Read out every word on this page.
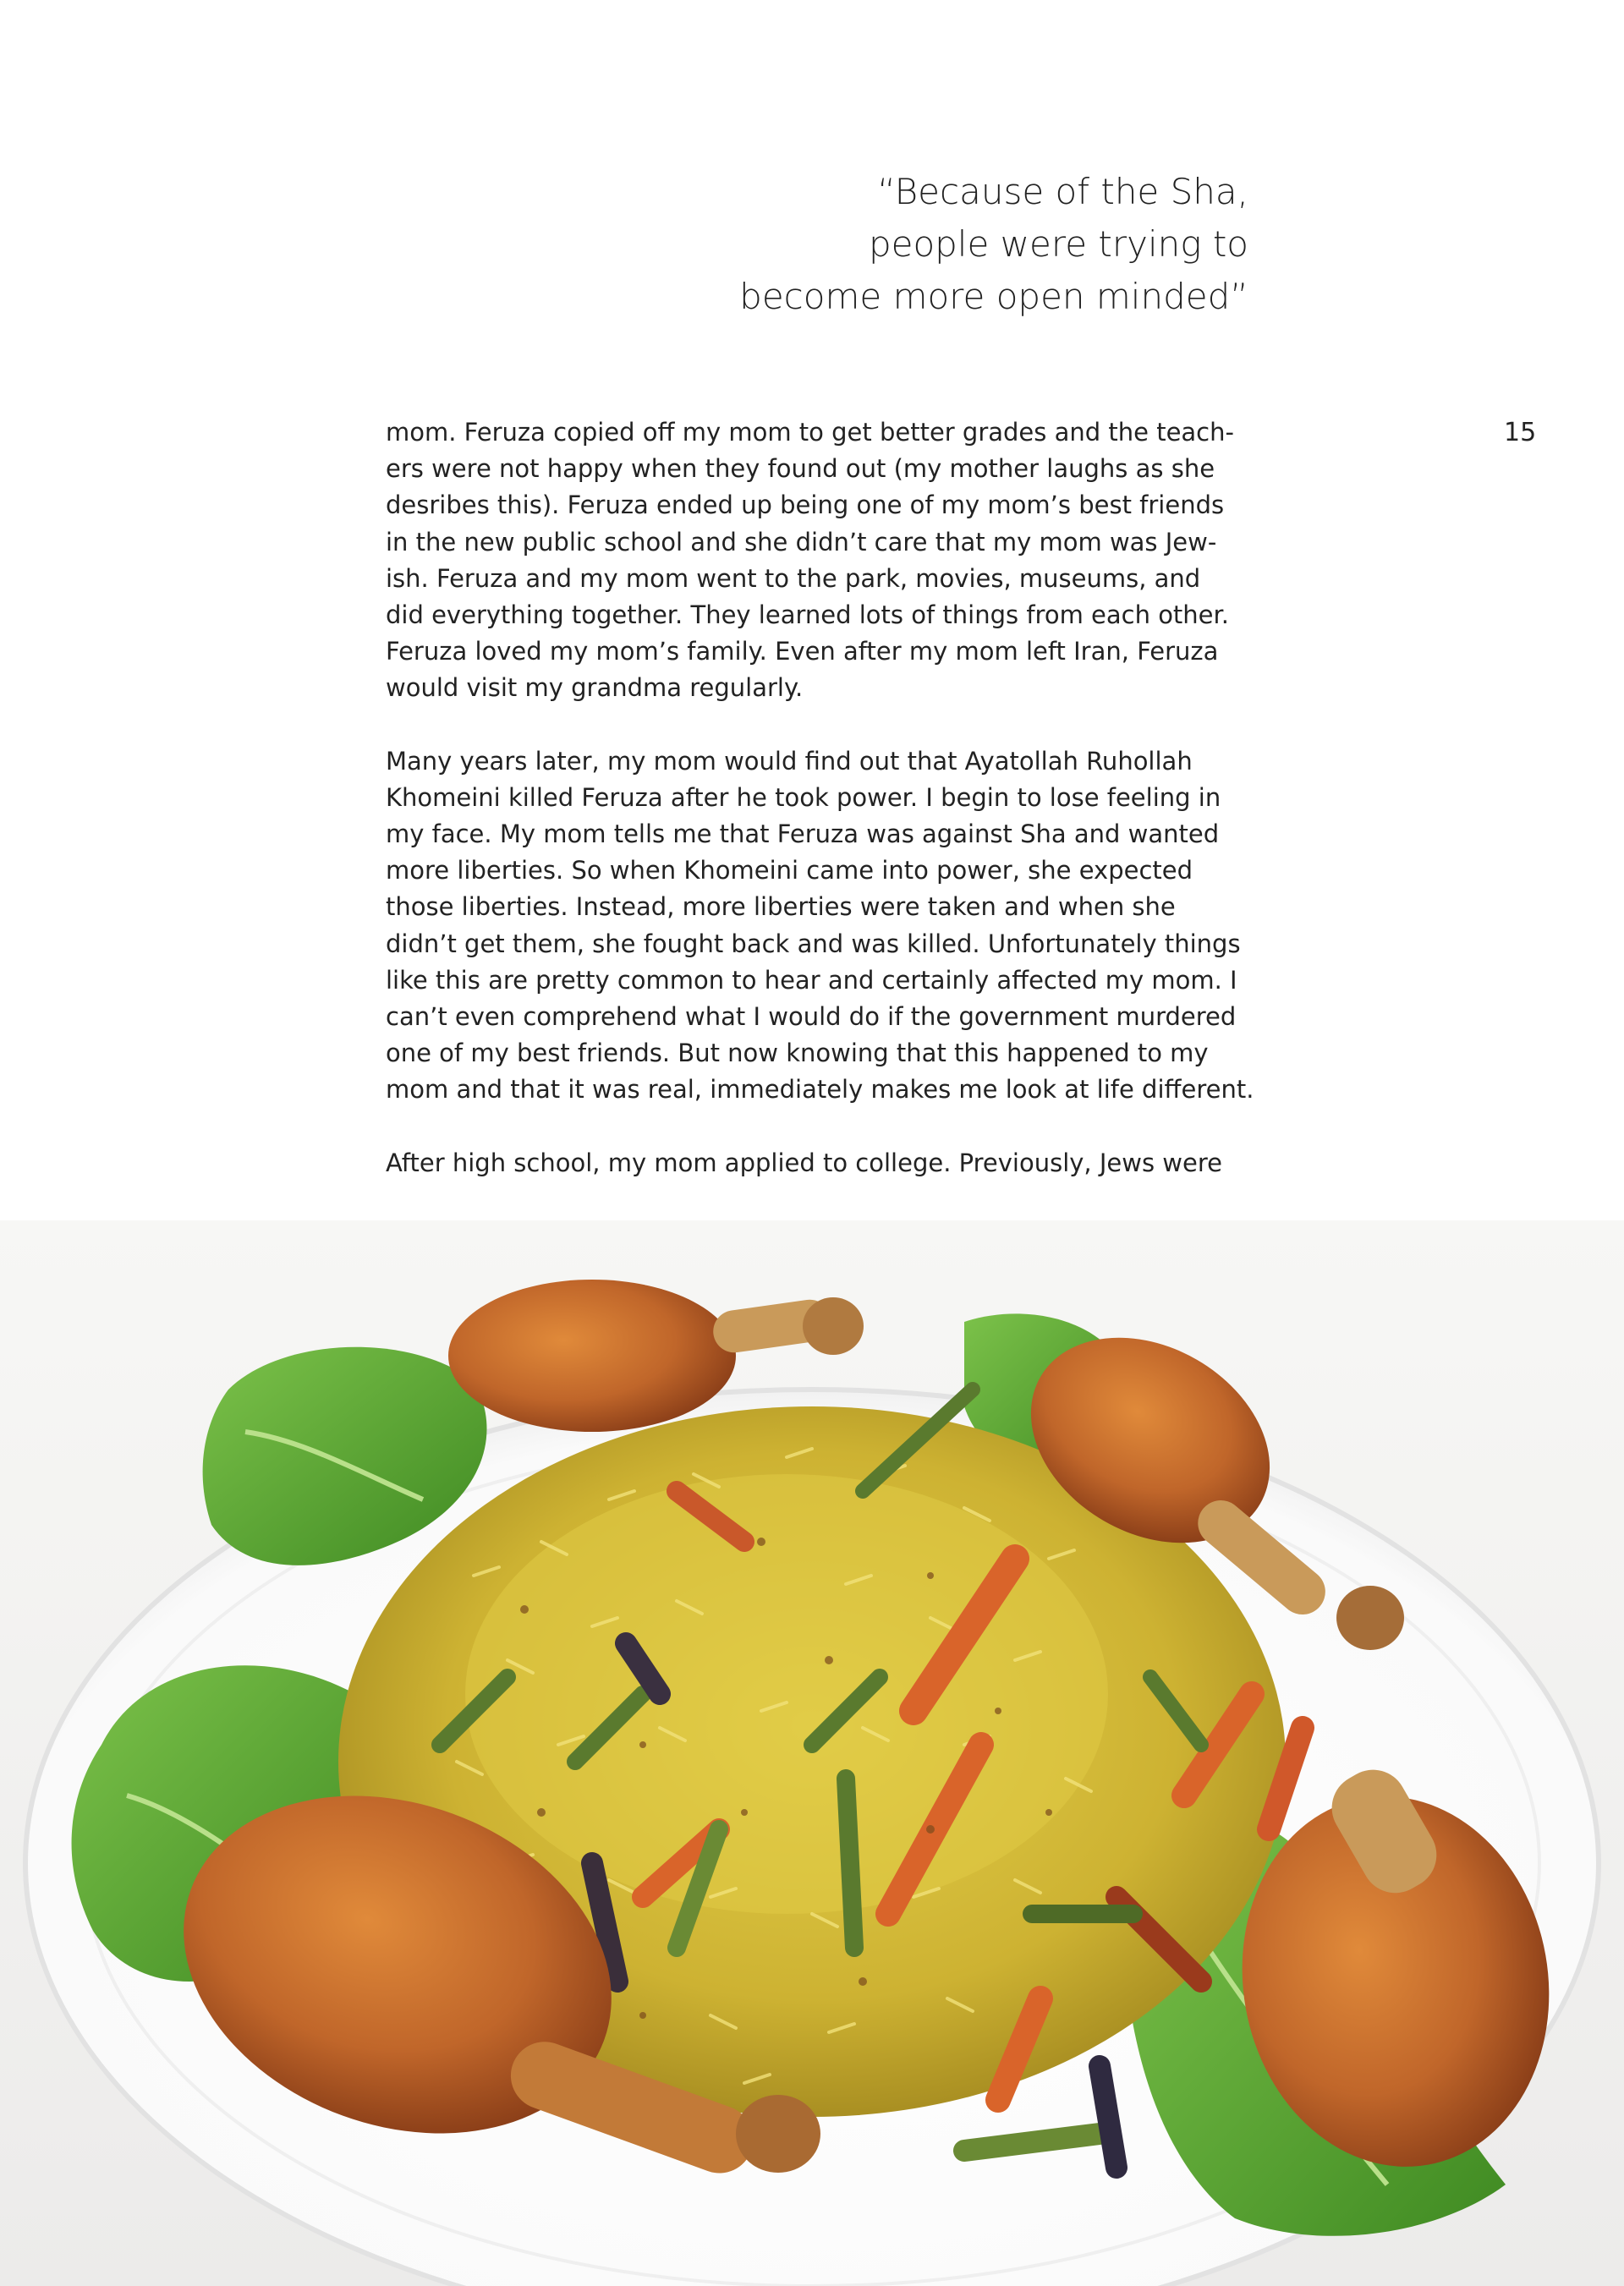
“Because of the Sha,
people were trying to
become more open minded”
15

mom. Feruza copied off my mom to get better grades and the teach-
ers were not happy when they found out (my mother laughs as she
desribes this). Feruza ended up being one of my mom’s best friends
in the new public school and she didn’t care that my mom was Jew-
ish. Feruza and my mom went to the park, movies, museums, and
did everything together. They learned lots of things from each other.
Feruza loved my mom’s family. Even after my mom left Iran, Feruza
would visit my grandma regularly.

Many years later, my mom would find out that Ayatollah Ruhollah
Khomeini killed Feruza after he took power. I begin to lose feeling in
my face. My mom tells me that Feruza was against Sha and wanted
more liberties. So when Khomeini came into power, she expected
those liberties. Instead, more liberties were taken and when she
didn’t get them, she fought back and was killed. Unfortunately things
like this are pretty common to hear and certainly affected my mom. I
can’t even comprehend what I would do if the government murdered
one of my best friends. But now knowing that this happened to my
mom and that it was real, immediately makes me look at life different.

After high school, my mom applied to college. Previously, Jews were
